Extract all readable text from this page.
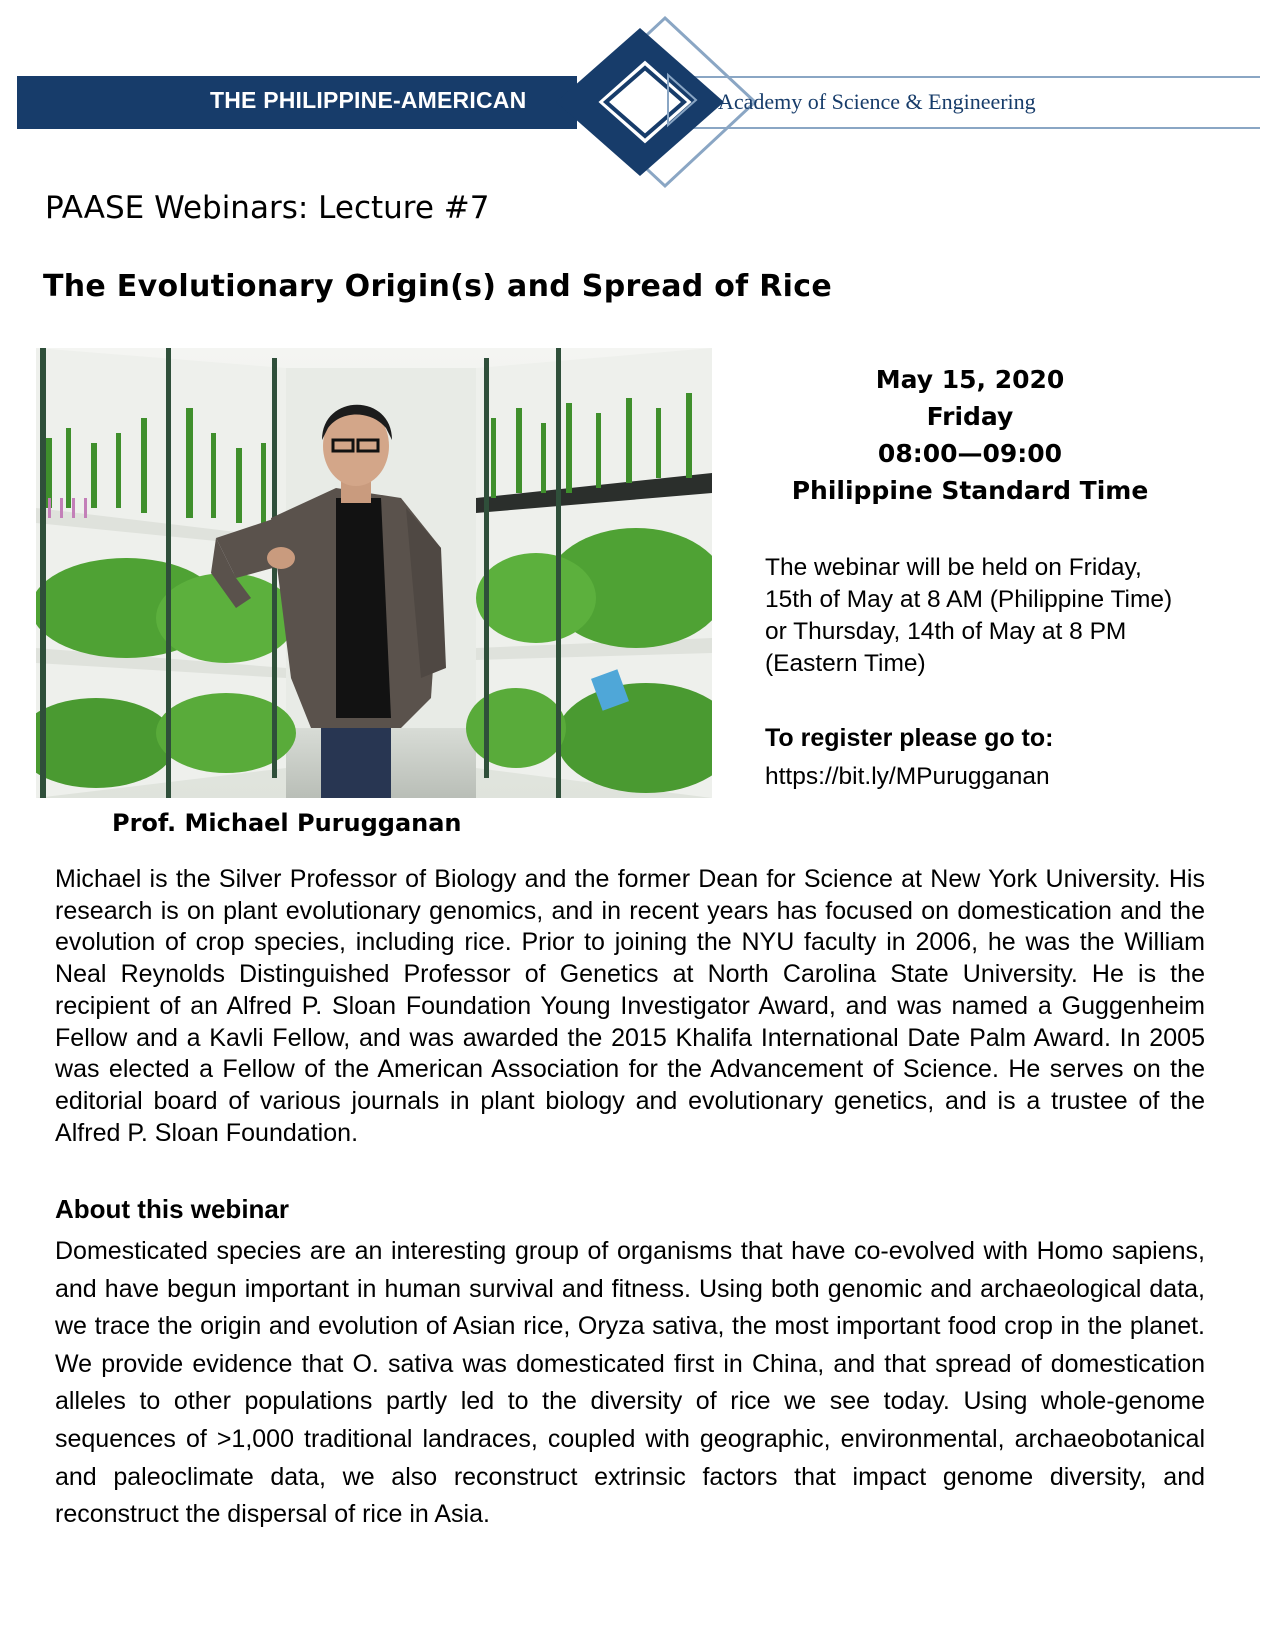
THE PHILIPPINE-AMERICAN	Academy of Science & Engineering
PAASE Webinars: Lecture #7
The Evolutionary Origin(s) and Spread of Rice
Prof. Michael Purugganan
May 15, 2020
Friday
08:00—09:00
Philippine Standard Time
The webinar will be held on Friday, 15th of May at 8 AM (Philippine Time) or Thursday, 14th of May at 8 PM (Eastern Time)
To register please go to:
https://bit.ly/MPurugganan
Michael is the Silver Professor of Biology and the former Dean for Science at New York University. His research is on plant evolutionary genomics, and in recent years has focused on domestication and the evolution of crop species, including rice. Prior to joining the NYU faculty in 2006, he was the William Neal Reynolds Distinguished Professor of Genetics at North Carolina State University. He is the recipient of an Alfred P. Sloan Foundation Young Investigator Award, and was named a Guggenheim Fellow and a Kavli Fellow, and was awarded the 2015 Khalifa International Date Palm Award. In 2005 was elected a Fellow of the American Association for the Advancement of Science. He serves on the editorial board of various journals in plant biology and evolutionary genetics, and is a trustee of the Alfred P. Sloan Foundation.
About this webinar
Domesticated species are an interesting group of organisms that have co-evolved with Homo sapiens, and have begun important in human survival and fitness. Using both genomic and archaeological data, we trace the origin and evolution of Asian rice, Oryza sativa, the most important food crop in the planet. We provide evidence that O. sativa was domesticated first in China, and that spread of domestication alleles to other populations partly led to the diversity of rice we see today. Using whole-genome sequences of >1,000 traditional landraces, coupled with geographic, environmental, archaeobotanical and paleoclimate data, we also reconstruct extrinsic factors that impact genome diversity, and reconstruct the dispersal of rice in Asia.
